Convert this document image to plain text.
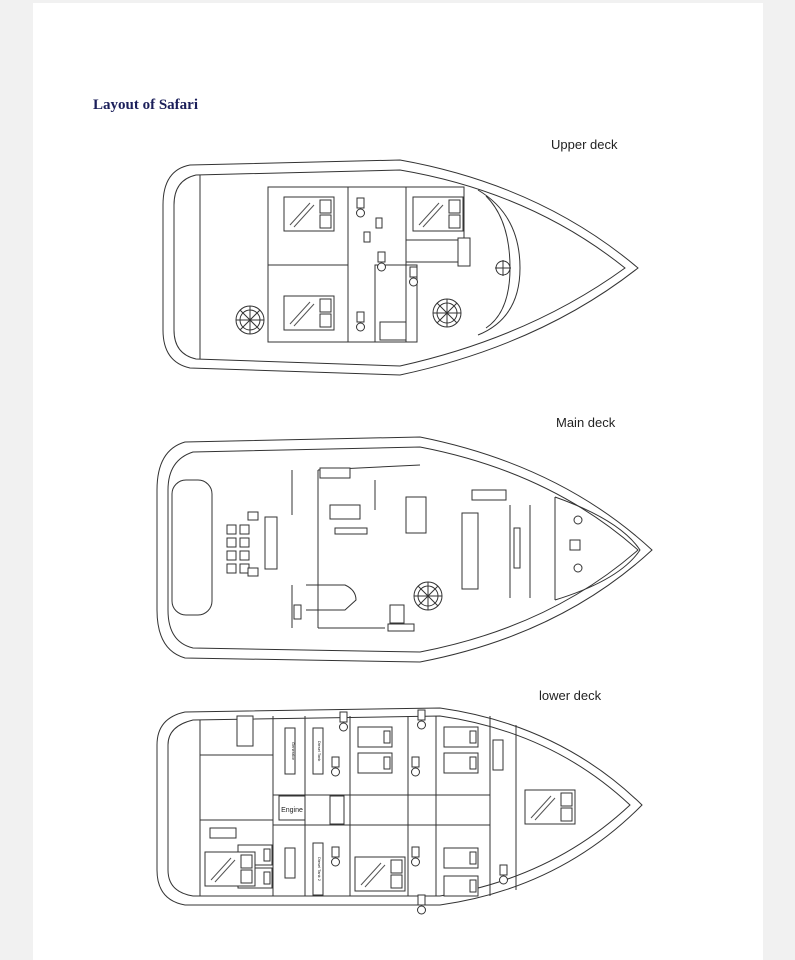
Layout of Safari
Upper deck
Main deck
lower deck
Engine
Generator	Diesel Tank
Diesel Tank 2
